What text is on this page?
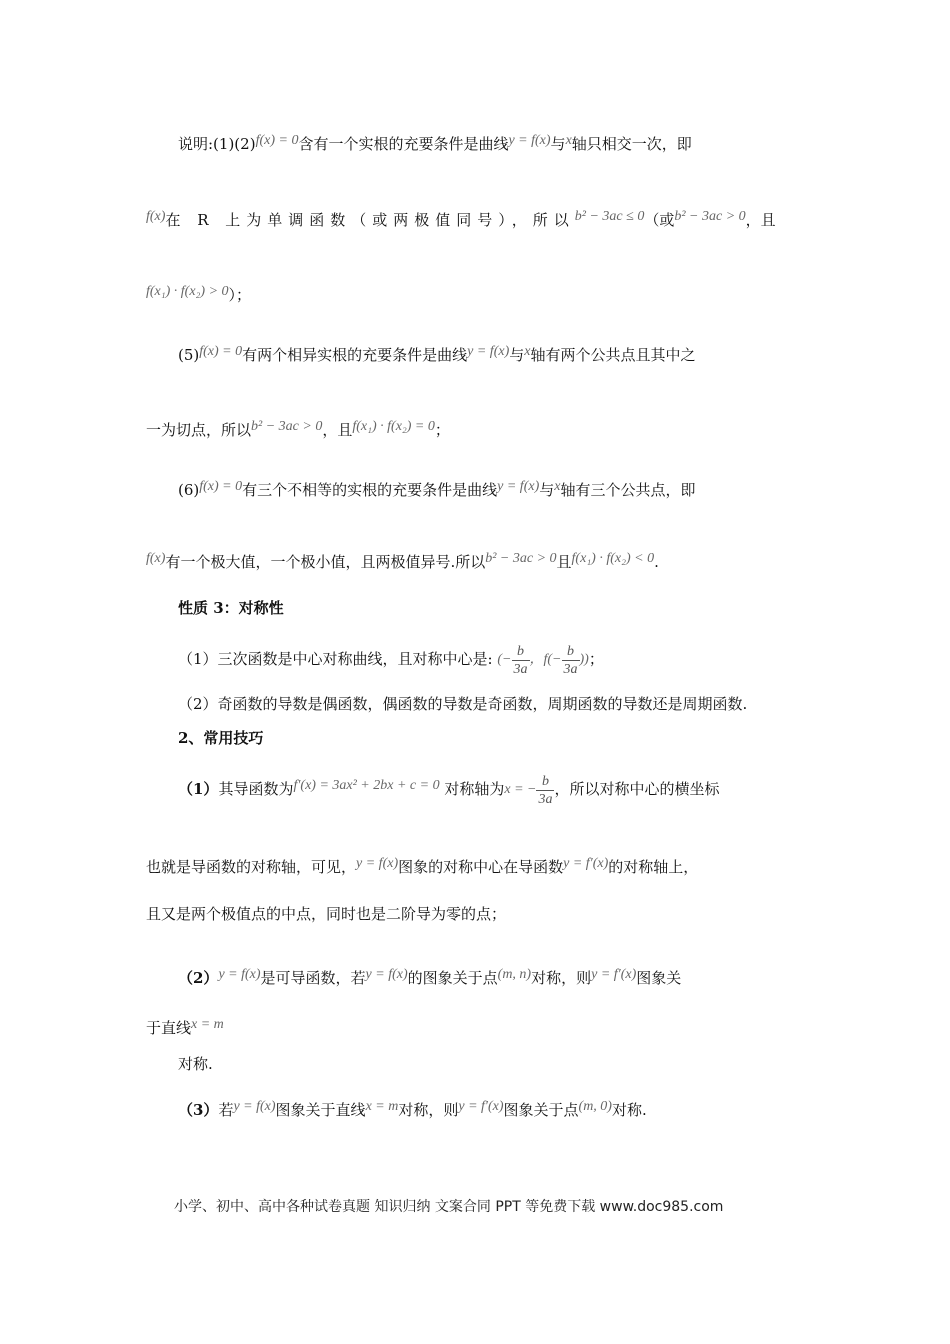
说明:(1)(2)f(x) = 0含有一个实根的充要条件是曲线y = f(x)与x轴只相交一次，即
f(x)在 R 上为单调函数（或两极值同号），所以b² − 3ac ≤ 0（或b² − 3ac > 0，且
f(x₁) · f(x₂) > 0）；
(5)f(x) = 0有两个相异实根的充要条件是曲线y = f(x)与x轴有两个公共点且其中之
一为切点，所以b² − 3ac > 0，且f(x₁) · f(x₂) = 0；
(6)f(x) = 0有三个不相等的实根的充要条件是曲线y = f(x)与x轴有三个公共点，即
f(x)有一个极大值，一个极小值，且两极值异号.所以b² − 3ac > 0且f(x₁) · f(x₂) < 0.
性质 3：对称性
（1）三次函数是中心对称曲线，且对称中心是: (− $\frac{b}{3a}$ ，$f(- \frac{b}{3a}$ ))；
（2）奇函数的导数是偶函数，偶函数的导数是奇函数，周期函数的导数还是周期函数.
2、常用技巧
（1）其导函数为f′(x) = 3ax² + 2bx + c = 0 对称轴为x = − $\frac{b}{3a}$ ，所以对称中心的横坐标
也就是导函数的对称轴，可见，y = f(x)图象的对称中心在导函数y = f′(x)的对称轴上，
且又是两个极值点的中点，同时也是二阶导为零的点；
（2）y = f(x)是可导函数，若y = f(x)的图象关于点(m, n)对称，则y = f′(x)图象关
于直线x = m
对称.
（3）若y = f(x)图象关于直线x = m对称，则y = f′(x)图象关于点(m, 0)对称.
小学、初中、高中各种试卷真题 知识归纳 文案合同 PPT 等免费下载 www.doc985.com
